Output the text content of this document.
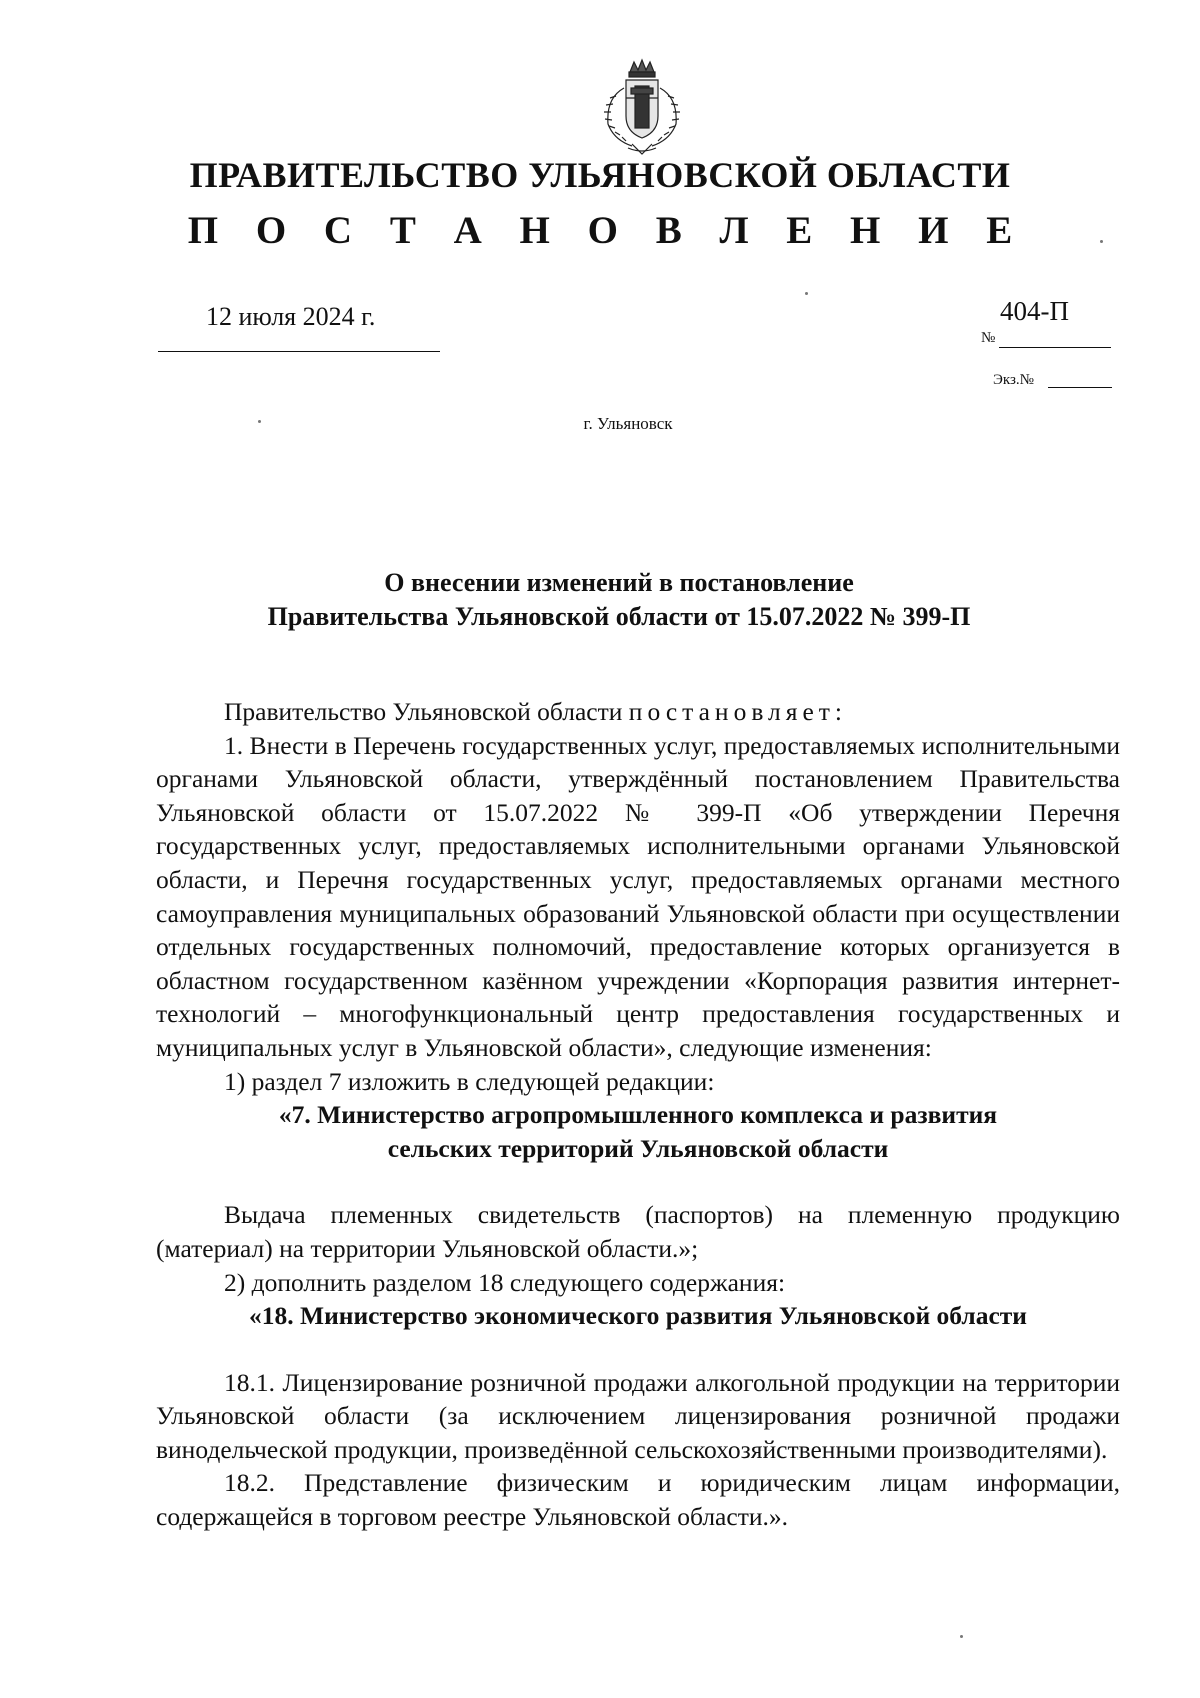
ПРАВИТЕЛЬСТВО УЛЬЯНОВСКОЙ ОБЛАСТИ
П О С Т А Н О В Л Е Н И Е
12 июля 2024 г.	404-П
№
Экз.№
г. Ульяновск
О внесении изменений в постановление
Правительства Ульяновской области от 15.07.2022 № 399-П

Правительство Ульяновской области постановляет:

1. Внести в Перечень государственных услуг, предоставляемых исполнительными органами Ульяновской области, утверждённый постановлением Правительства Ульяновской области от 15.07.2022 № 399-П «Об утверждении Перечня государственных услуг, предоставляемых исполнительными органами Ульяновской области, и Перечня государственных услуг, предоставляемых органами местного самоуправления муниципальных образований Ульяновской области при осуществлении отдельных государственных полномочий, предоставление которых организуется в областном государственном казённом учреждении «Корпорация развития интернет-технологий – многофункциональный центр предоставления государственных и муниципальных услуг в Ульяновской области», следующие изменения:

1) раздел 7 изложить в следующей редакции:

«7. Министерство агропромышленного комплекса и развития

сельских территорий Ульяновской области

Выдача племенных свидетельств (паспортов) на племенную продукцию (материал) на территории Ульяновской области.»;

2) дополнить разделом 18 следующего содержания:

«18. Министерство экономического развития Ульяновской области

18.1. Лицензирование розничной продажи алкогольной продукции на территории Ульяновской области (за исключением лицензирования розничной продажи винодельческой продукции, произведённой сельскохозяйственными производителями).

18.2. Представление физическим и юридическим лицам информации, содержащейся в торговом реестре Ульяновской области.».
